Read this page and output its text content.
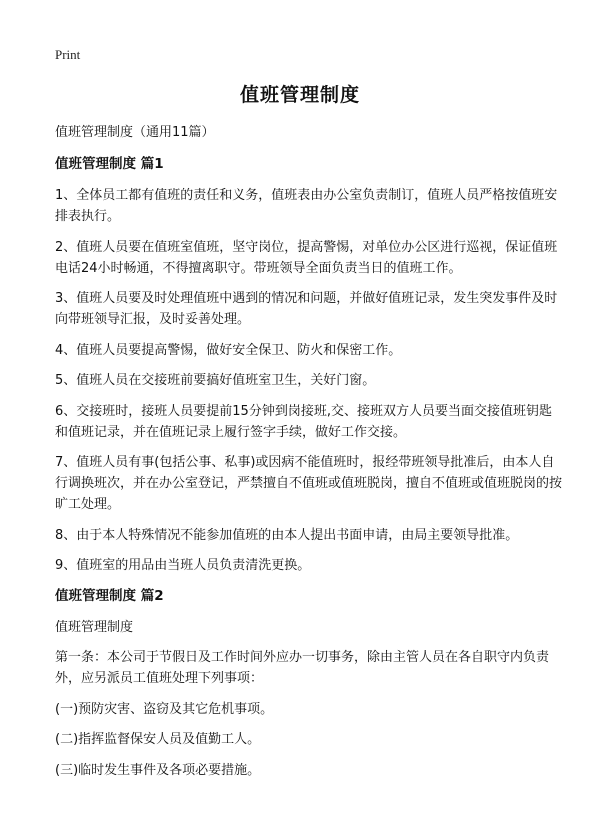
Print
值班管理制度

值班管理制度（通用11篇）

值班管理制度 篇1

1、全体员工都有值班的责任和义务，值班表由办公室负责制订，值班人员严格按值班安排表执行。

2、值班人员要在值班室值班，坚守岗位，提高警惕，对单位办公区进行巡视，保证值班电话24小时畅通，不得擅离职守。带班领导全面负责当日的值班工作。

3、值班人员要及时处理值班中遇到的情况和问题，并做好值班记录，发生突发事件及时向带班领导汇报，及时妥善处理。

4、值班人员要提高警惕，做好安全保卫、防火和保密工作。

5、值班人员在交接班前要搞好值班室卫生，关好门窗。

6、交接班时，接班人员要提前15分钟到岗接班,交、接班双方人员要当面交接值班钥匙和值班记录，并在值班记录上履行签字手续，做好工作交接。

7、值班人员有事(包括公事、私事)或因病不能值班时，报经带班领导批准后，由本人自行调换班次，并在办公室登记，严禁擅自不值班或值班脱岗，擅自不值班或值班脱岗的按旷工处理。

8、由于本人特殊情况不能参加值班的由本人提出书面申请，由局主要领导批准。

9、值班室的用品由当班人员负责清洗更换。

值班管理制度 篇2

值班管理制度

第一条：本公司于节假日及工作时间外应办一切事务，除由主管人员在各自职守内负责外，应另派员工值班处理下列事项：

(一)预防灾害、盗窃及其它危机事项。

(二)指挥监督保安人员及值勤工人。

(三)临时发生事件及各项必要措施。
